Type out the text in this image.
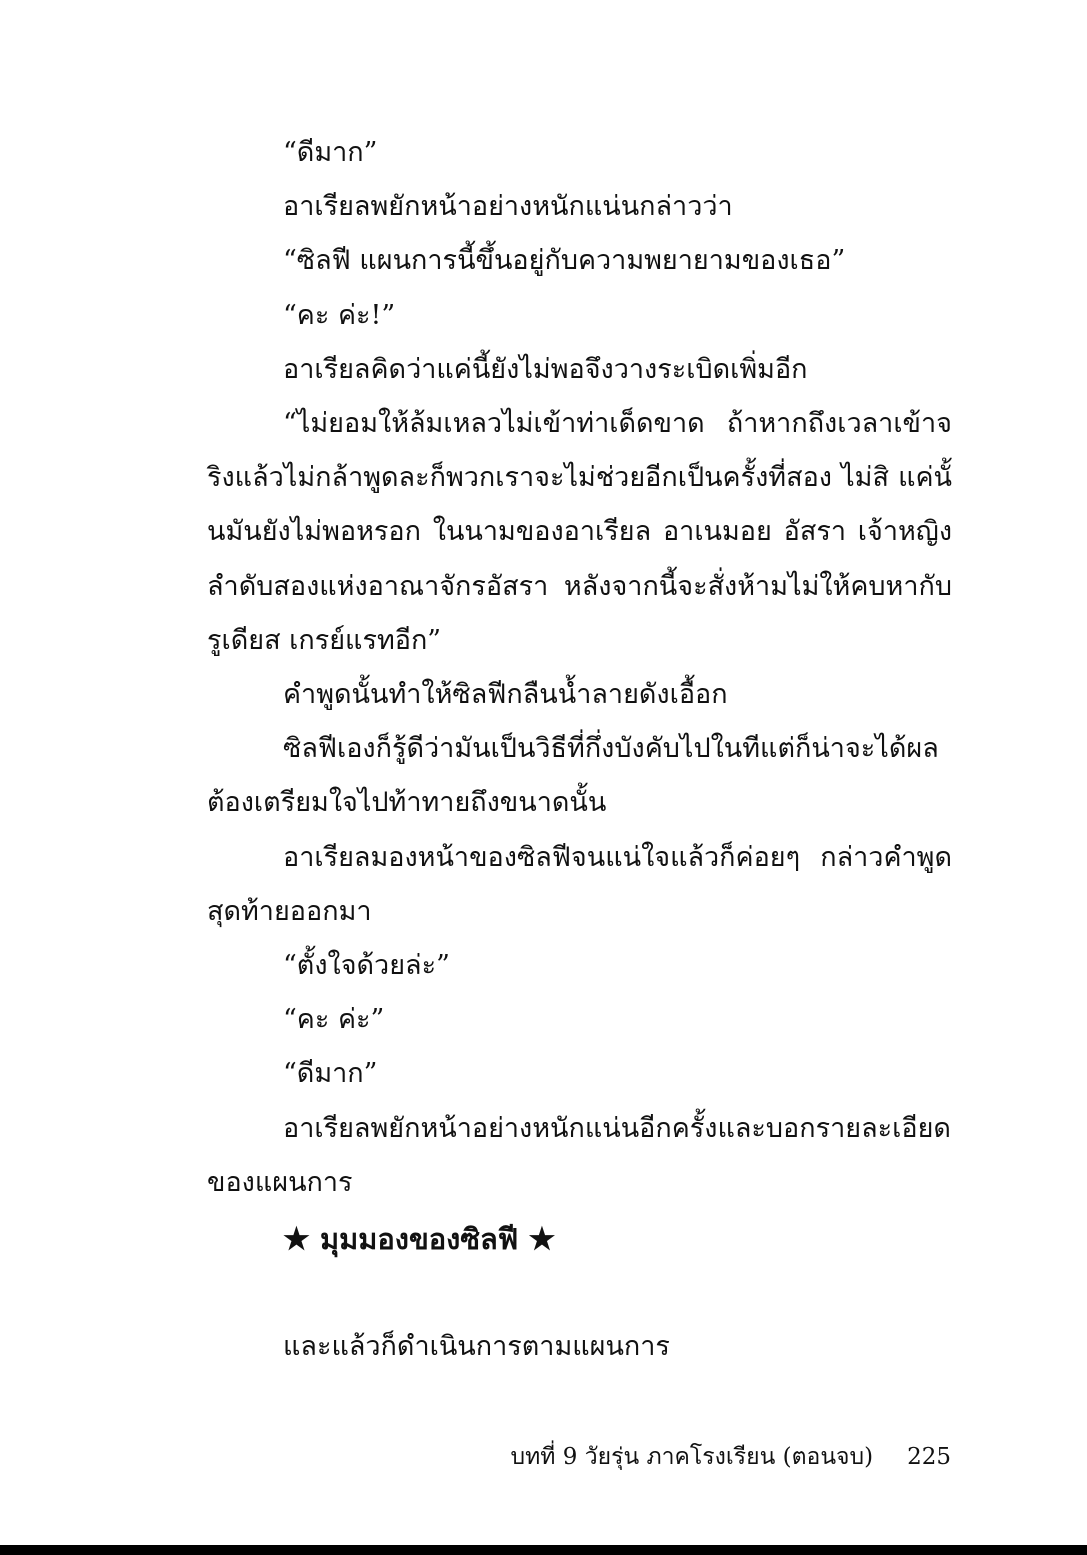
“ดีมาก”

อาเรียลพยักหน้าอย่างหนักแน่นกล่าวว่า

“ซิลฟี แผนการนี้ขึ้นอยู่กับความพยายามของเธอ”

“คะ ค่ะ!”

อาเรียลคิดว่าแค่นี้ยังไม่พอจึงวางระเบิดเพิ่มอีก

“ไม่ยอมให้ล้มเหลวไม่เข้าท่าเด็ดขาด ถ้าหากถึงเวลาเข้าจริงแล้วไม่กล้าพูดละก็พวกเราจะไม่ช่วยอีกเป็นครั้งที่สอง ไม่สิ แค่นั้นมันยังไม่พอหรอก ในนามของอาเรียล อาเนมอย อัสรา เจ้าหญิงลำดับสองแห่งอาณาจักรอัสรา หลังจากนี้จะสั่งห้ามไม่ให้คบหากับรูเดียส เกรย์แรทอีก”

คำพูดนั้นทำให้ซิลฟีกลืนน้ำลายดังเอื้อก

ซิลฟีเองก็รู้ดีว่ามันเป็นวิธีที่กึ่งบังคับไปในทีแต่ก็น่าจะได้ผล ต้องเตรียมใจไปท้าทายถึงขนาดนั้น

อาเรียลมองหน้าของซิลฟีจนแน่ใจแล้วก็ค่อยๆ กล่าวคำพูดสุดท้ายออกมา

“ตั้งใจด้วยล่ะ”

“คะ ค่ะ”

“ดีมาก”

อาเรียลพยักหน้าอย่างหนักแน่นอีกครั้งและบอกรายละเอียดของแผนการ

★ มุมมองของซิลฟี ★

และแล้วก็ดำเนินการตามแผนการ

บทที่ 9 วัยรุ่น ภาคโรงเรียน (ตอนจบ) 225
